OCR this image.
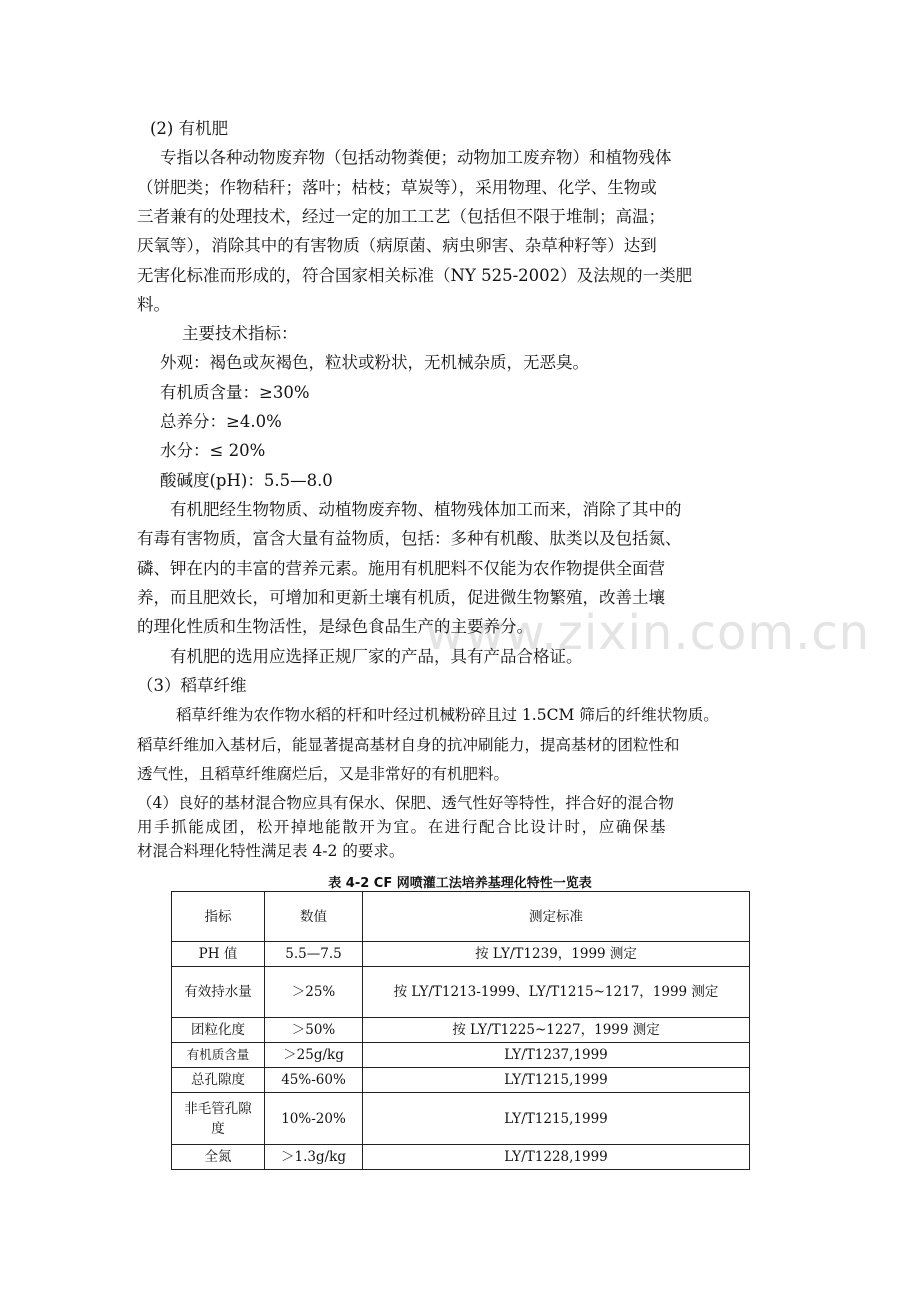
www.zixin.com.cn
(2) 有机肥
专指以各种动物废弃物（包括动物粪便；动物加工废弃物）和植物残体
（饼肥类；作物秸秆；落叶；枯枝；草炭等），采用物理、化学、生物或
三者兼有的处理技术，经过一定的加工工艺（包括但不限于堆制；高温；
厌氧等），消除其中的有害物质（病原菌、病虫卵害、杂草种籽等）达到
无害化标准而形成的，符合国家相关标准（NY 525-2002）及法规的一类肥
料。
主要技术指标：
外观：褐色或灰褐色，粒状或粉状，无机械杂质，无恶臭。
有机质含量：≥30%
总养分：≥4.0%
水分：≤ 20%
酸碱度(pH)：5.5—8.0
有机肥经生物物质、动植物废弃物、植物残体加工而来，消除了其中的
有毒有害物质，富含大量有益物质，包括：多种有机酸、肽类以及包括氮、
磷、钾在内的丰富的营养元素。施用有机肥料不仅能为农作物提供全面营
养，而且肥效长，可增加和更新土壤有机质，促进微生物繁殖，改善土壤
的理化性质和生物活性，是绿色食品生产的主要养分。
有机肥的选用应选择正规厂家的产品，具有产品合格证。
（3）稻草纤维
稻草纤维为农作物水稻的杆和叶经过机械粉碎且过 1.5CM 筛后的纤维状物质。
稻草纤维加入基材后，能显著提高基材自身的抗冲刷能力，提高基材的团粒性和
透气性，且稻草纤维腐烂后，又是非常好的有机肥料。
（4）良好的基材混合物应具有保水、保肥、透气性好等特性，拌合好的混合物
用手抓能成团，松开掉地能散开为宜。在进行配合比设计时，应确保基
材混合料理化特性满足表 4-2 的要求。
表 4-2 CF 网喷灌工法培养基理化特性一览表
指标	数值	测定标准
PH 值	5.5—7.5	按 LY/T1239，1999 测定
有效持水量	＞25%	按 LY/T1213-1999、LY/T1215~1217，1999 测定
团粒化度	＞50%	按 LY/T1225~1227，1999 测定
有机质含量	＞25g/kg	LY/T1237,1999
总孔隙度	45%-60%	LY/T1215,1999
非毛管孔隙度	10%-20%	LY/T1215,1999
全氮	＞1.3g/kg	LY/T1228,1999
